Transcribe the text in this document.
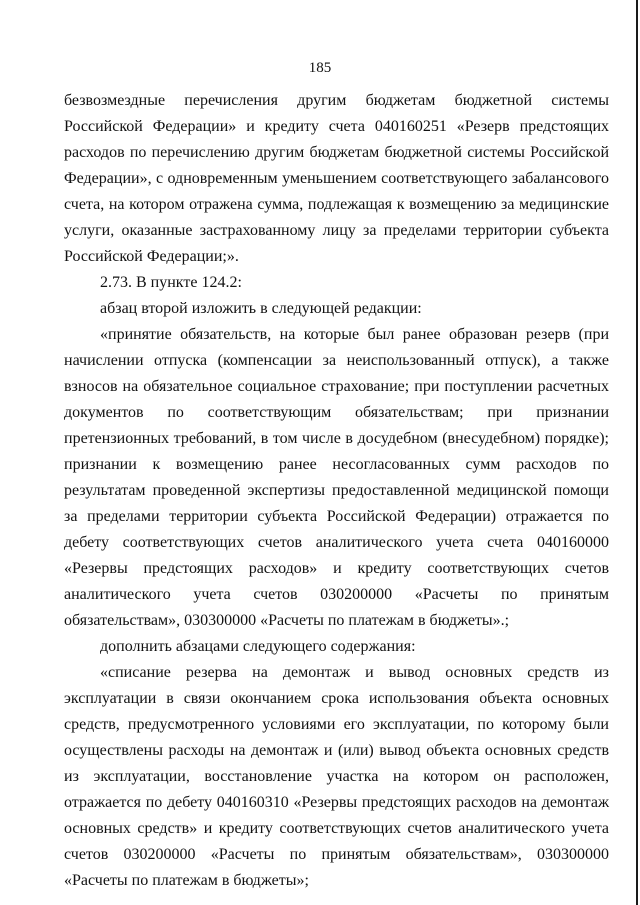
185

безвозмездные перечисления другим бюджетам бюджетной системы Российской Федерации» и кредиту счета 040160251 «Резерв предстоящих расходов по перечислению другим бюджетам бюджетной системы Российской Федерации», с одновременным уменьшением соответствующего забалансового счета, на котором отражена сумма, подлежащая к возмещению за медицинские услуги, оказанные застрахованному лицу за пределами территории субъекта Российской Федерации;».

2.73. В пункте 124.2:

абзац второй изложить в следующей редакции:

«принятие обязательств, на которые был ранее образован резерв (при начислении отпуска (компенсации за неиспользованный отпуск), а также взносов на обязательное социальное страхование; при поступлении расчетных документов по соответствующим обязательствам; при признании претензионных требований, в том числе в досудебном (внесудебном) порядке); признании к возмещению ранее несогласованных сумм расходов по результатам проведенной экспертизы предоставленной медицинской помощи за пределами территории субъекта Российской Федерации) отражается по дебету соответствующих счетов аналитического учета счета 040160000 «Резервы предстоящих расходов» и кредиту соответствующих счетов аналитического учета счетов 030200000 «Расчеты по принятым обязательствам», 030300000 «Расчеты по платежам в бюджеты».;

дополнить абзацами следующего содержания:

«списание резерва на демонтаж и вывод основных средств из эксплуатации в связи окончанием срока использования объекта основных средств, предусмотренного условиями его эксплуатации, по которому были осуществлены расходы на демонтаж и (или) вывод объекта основных средств из эксплуатации, восстановление участка на котором он расположен, отражается по дебету 040160310 «Резервы предстоящих расходов на демонтаж основных средств» и кредиту соответствующих счетов аналитического учета счетов 030200000 «Расчеты по принятым обязательствам», 030300000 «Расчеты по платежам в бюджеты»;
